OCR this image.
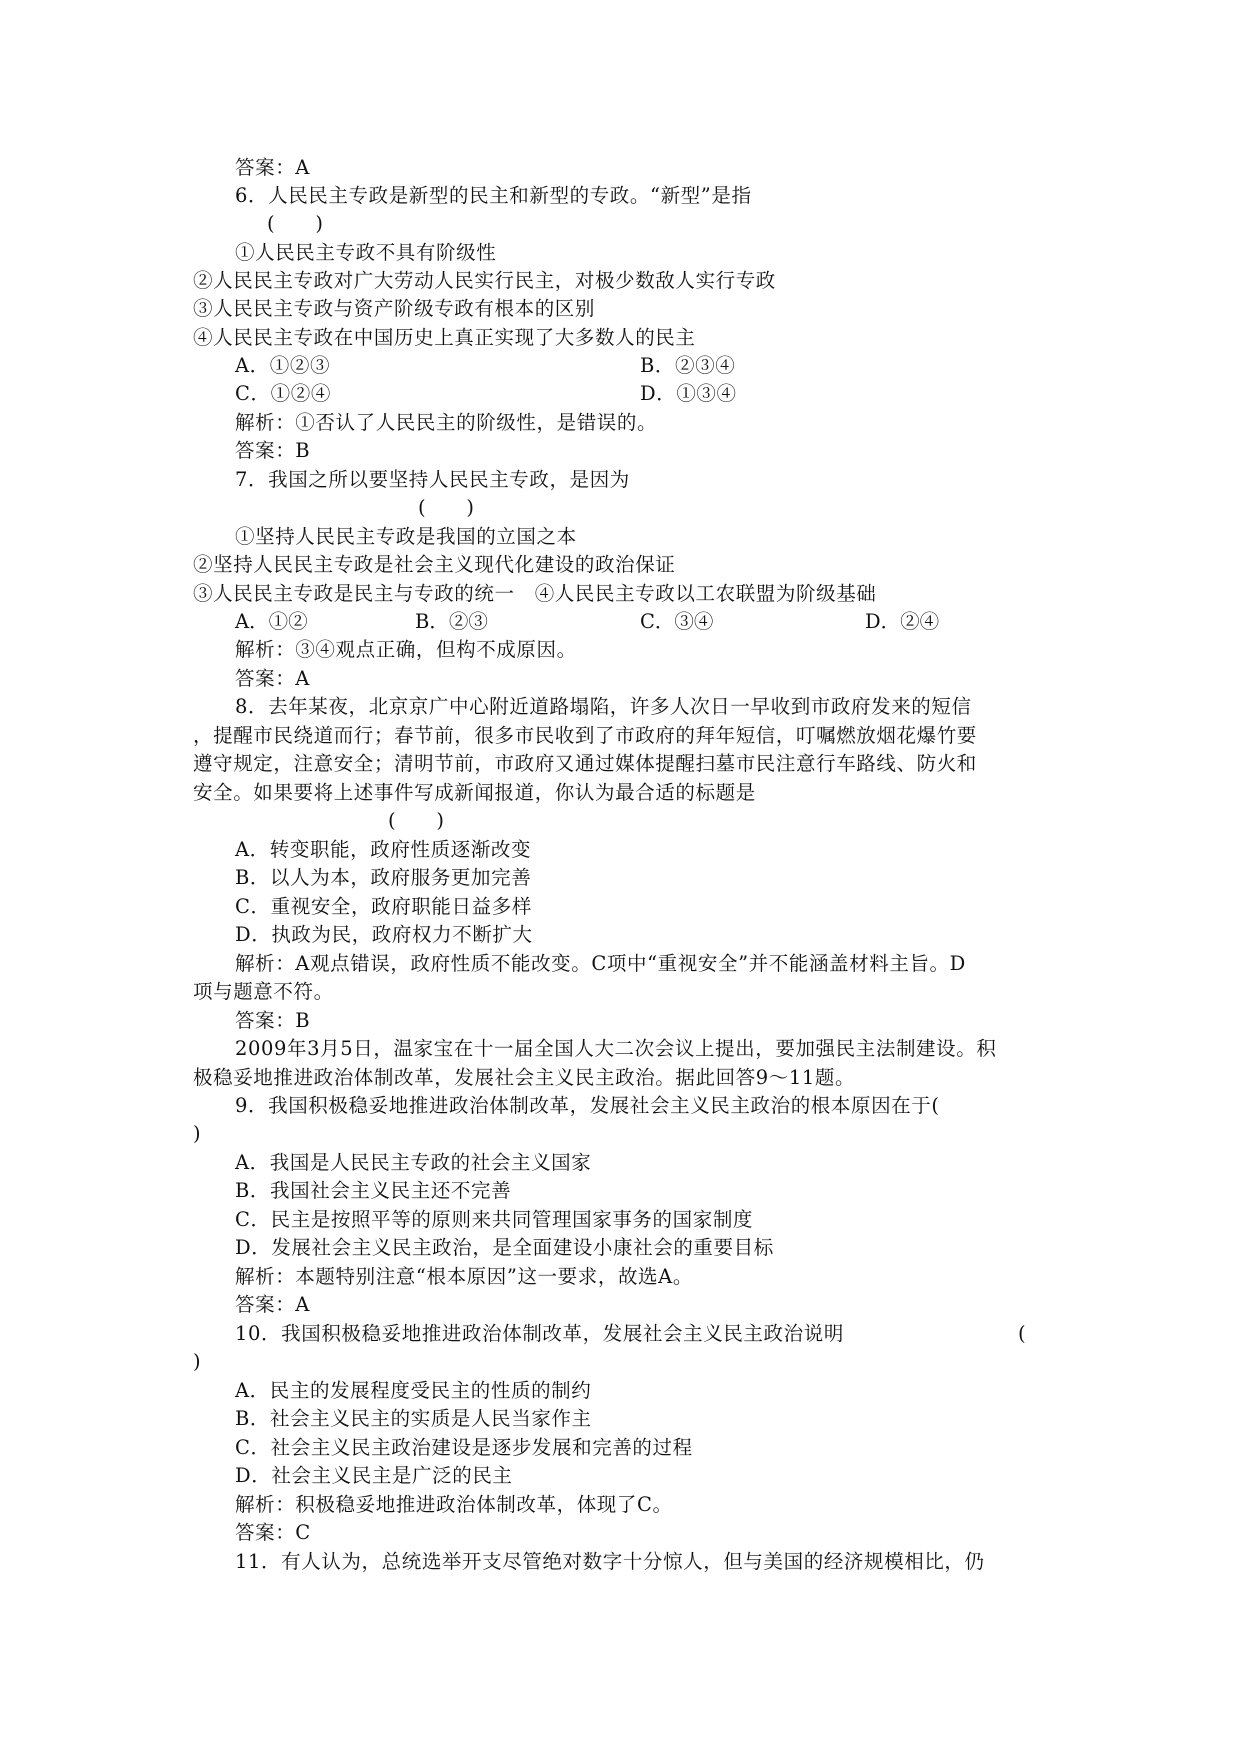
答案：A
6．人民民主专政是新型的民主和新型的专政。“新型”是指
(　　)
①人民民主专政不具有阶级性
②人民民主专政对广大劳动人民实行民主，对极少数敌人实行专政
③人民民主专政与资产阶级专政有根本的区别
④人民民主专政在中国历史上真正实现了大多数人的民主
A．①②③	B．②③④
C．①②④	D．①③④
解析：①否认了人民民主的阶级性，是错误的。
答案：B
7．我国之所以要坚持人民民主专政，是因为
(　　)
①坚持人民民主专政是我国的立国之本
②坚持人民民主专政是社会主义现代化建设的政治保证
③人民民主专政是民主与专政的统一　④人民民主专政以工农联盟为阶级基础
A．①②	B．②③	C．③④	D．②④
解析：③④观点正确，但构不成原因。
答案：A
8．去年某夜，北京京广中心附近道路塌陷，许多人次日一早收到市政府发来的短信
，提醒市民绕道而行；春节前，很多市民收到了市政府的拜年短信，叮嘱燃放烟花爆竹要
遵守规定，注意安全；清明节前，市政府又通过媒体提醒扫墓市民注意行车路线、防火和
安全。如果要将上述事件写成新闻报道，你认为最合适的标题是
(　　)
A．转变职能，政府性质逐渐改变
B．以人为本，政府服务更加完善
C．重视安全，政府职能日益多样
D．执政为民，政府权力不断扩大
解析：A观点错误，政府性质不能改变。C项中“重视安全”并不能涵盖材料主旨。D
项与题意不符。
答案：B
2009年3月5日，温家宝在十一届全国人大二次会议上提出，要加强民主法制建设。积
极稳妥地推进政治体制改革，发展社会主义民主政治。据此回答9～11题。
9．我国积极稳妥地推进政治体制改革，发展社会主义民主政治的根本原因在于(
)
A．我国是人民民主专政的社会主义国家
B．我国社会主义民主还不完善
C．民主是按照平等的原则来共同管理国家事务的国家制度
D．发展社会主义民主政治，是全面建设小康社会的重要目标
解析：本题特别注意“根本原因”这一要求，故选A。
答案：A
10．我国积极稳妥地推进政治体制改革，发展社会主义民主政治说明	(
)
A．民主的发展程度受民主的性质的制约
B．社会主义民主的实质是人民当家作主
C．社会主义民主政治建设是逐步发展和完善的过程
D．社会主义民主是广泛的民主
解析：积极稳妥地推进政治体制改革，体现了C。
答案：C
11．有人认为，总统选举开支尽管绝对数字十分惊人，但与美国的经济规模相比，仍
